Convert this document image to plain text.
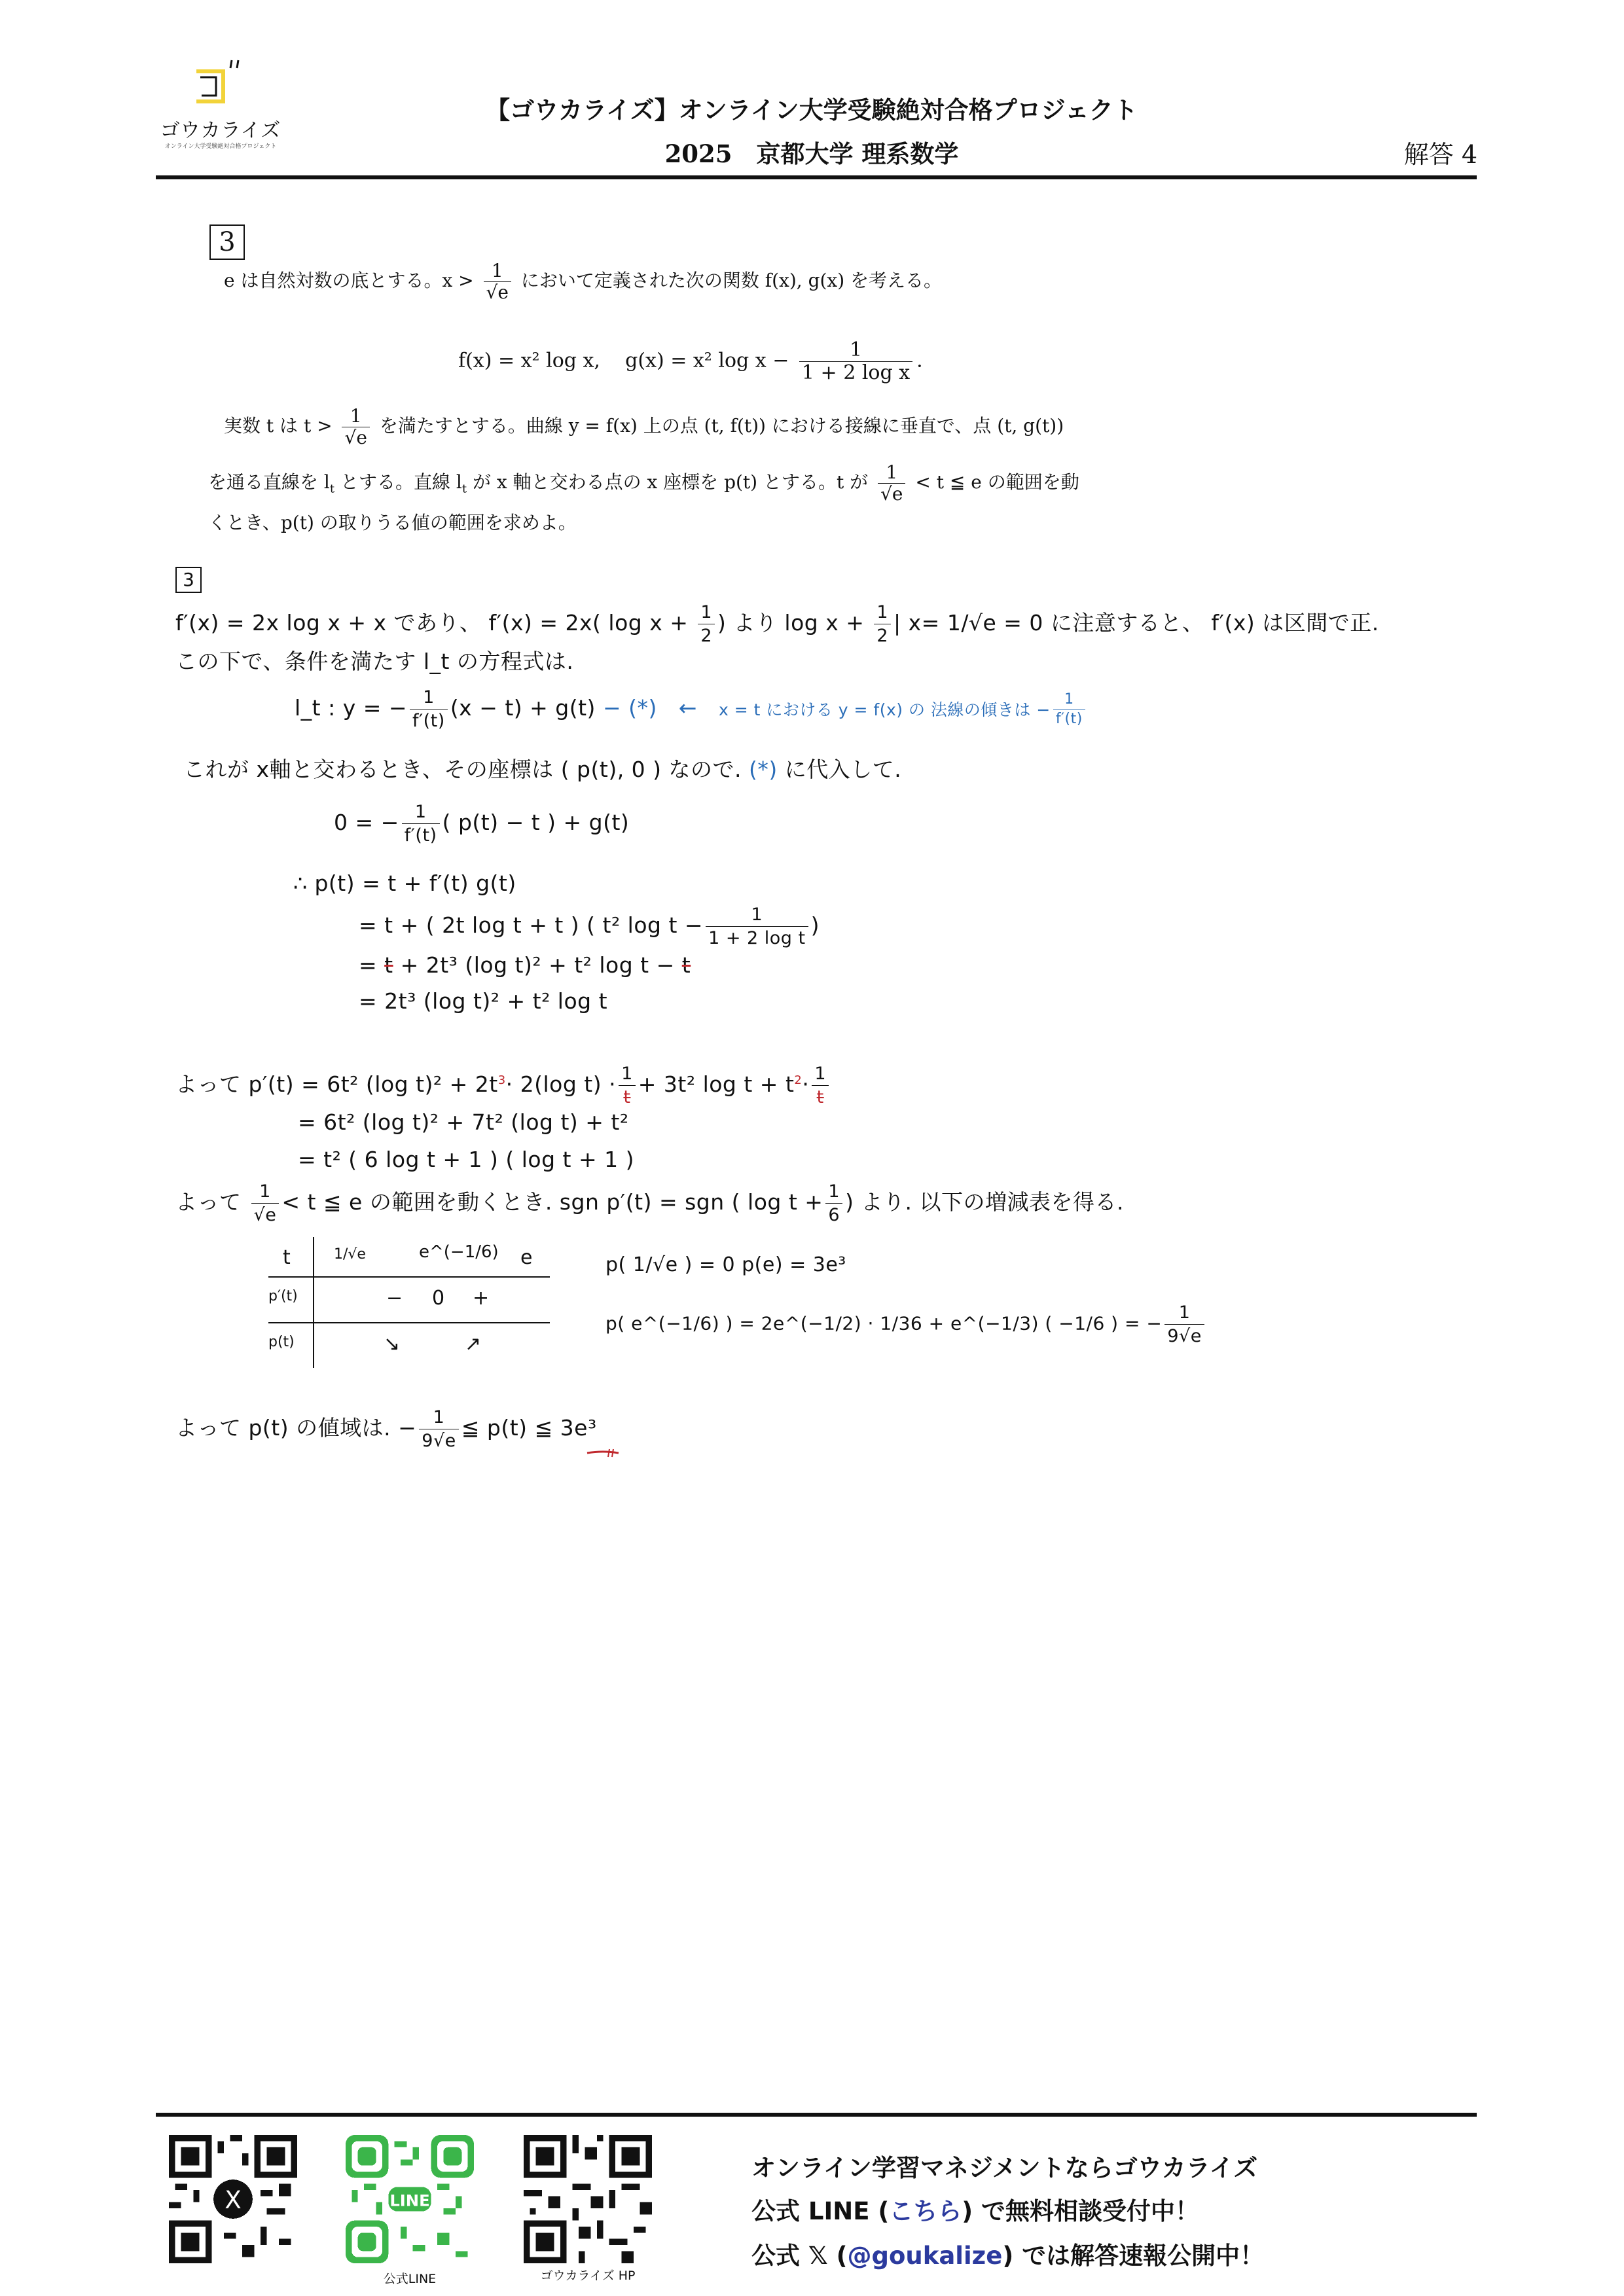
ゴウカライズ
オンライン大学受験絶対合格プロジェクト
【ゴウカライズ】オンライン大学受験絶対合格プロジェクト
2025　京都大学 理系数学	解答 4
3
e は自然対数の底とする。$x > \frac{1}{√e}$ において定義された次の関数 f(x), g(x) を考える。
f(x) = x² log x, g(x) = x² $\log x - \frac{1}{\text{1 + 2 log x}}$ .
実数 t は $t > \frac{1}{√e}$ を満たすとする。曲線 y = f(x) 上の点 (t, f(t)) における接線に垂直で、点 (t, g(t))
を通る直線を $l_t$ とする。直線 $l_t$ が x 軸と交わる点の x 座標を p(t) とする。t が $\frac{1}{√e} < t$ ≦ e の範囲を動
くとき、p(t) の取りうる値の範囲を求めよ。
3
f′(x) = 2x log x + x であり、 f′(x) = 2x( $\log x + \frac{1}{2}$ ) より $\log x + \frac{1}{2}$ | x= 1/√e = 0 に注意すると、 f′(x) は区間で正.
この下で、条件を満たす l_t の方程式は.
l_t : y = − $\frac{1}{f'(t)} (x - t) + g(t)$ − (*) ← x = t における y = f(x) の 法線の傾きは − $\frac{1}{f'(t)}$
これが x軸と交わるとき、その座標は ( p(t), 0 ) なので. (*) に代入して.
0 = − $\frac{1}{f'(t)}$ ( p(t) − t ) + g(t)
∴ p(t) = t + f′(t) g(t)
= t + ( 2t log t + t ) ( t² $\log t - \frac{1}{\text{1 + 2 log t}}$ )
= t + 2t³ (log t)² + t² log t − t
= 2t³ (log t)² + t² log t
よって p′(t) = 6t² (log $t)^2 + 2t^3\cdot 2(\log$ $t) \cdot \frac{1}{t} + 3t^2$ $\log t + t^2\cdot \frac{1}{t}$
= 6t² (log t)² + 7t² (log t) + t²
= t² ( 6 log t + 1 ) ( log t + 1 )
よって $\frac{1}{√e} < t$ ≦ e の範囲を動くとき. sgn p′(t) = sgn ( $\log t + \frac{1}{6}$ ) より. 以下の増減表を得る.
t	1/√e	e^(−1/6) e
p′(t)	− 0 +
p(t)	↘	↗
p( 1/√e ) = 0 p(e) = 3e³
p( e^(−1/6) ) = 2e^(−1/2) · 1/36 + e^(−1/3) ( −1/6 ) = − $\frac{1}{9√e}$
よって p(t) の値域は. − $\frac{1}{9√e}$ ≦ p(t) ≦ 3e³
X	LINE
公式LINE	ゴウカライズ HP
オンライン学習マネジメントならゴウカライズ
公式 LINE (こちら) で無料相談受付中！
公式 𝕏 (@goukalize) では解答速報公開中！
